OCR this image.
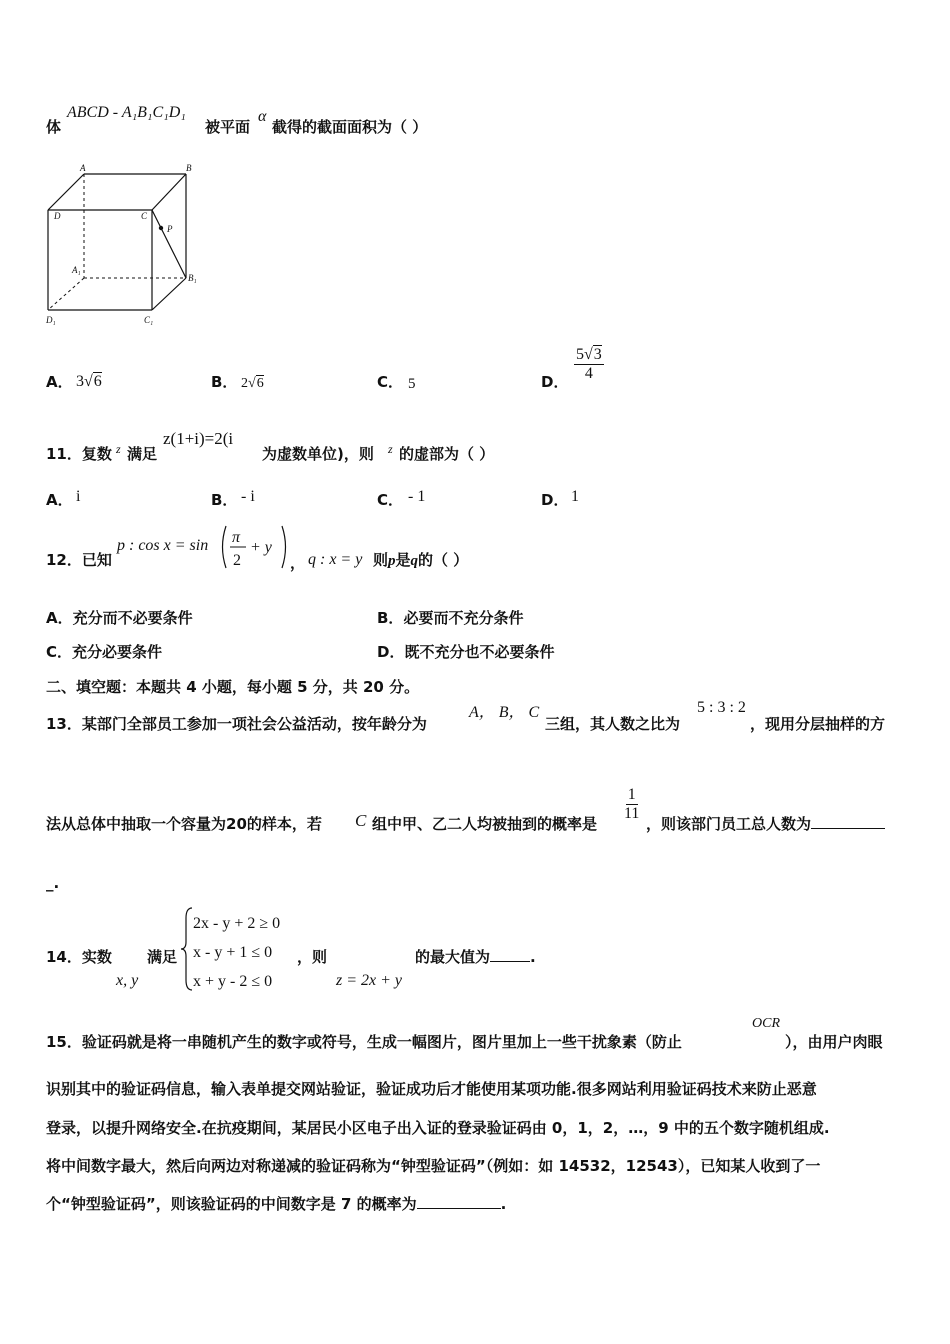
体
ABCD - A₁B₁C₁D₁
被平面
α
截得的截面面积为（ ）
A	B
C
D
P
A₁
B₁
C₁
D₁
A． 3√6	B． 2√6	C． 5	D． $\frac{5√3}{4}$
11．复数 z 满足
z(1+i)=2(i
为虚数单位)，则 z 的虚部为（ ）
A． i	B． - i	C． - 1	D． 1
12．已知
p : cos x = sin π
2
+ y
， q : x = y 则p是q的（ ）
A．充分而不必要条件	B．必要而不充分条件
C．充分必要条件	D．既不充分也不必要条件
二、填空题：本题共 4 小题，每小题 5 分，共 20 分。
13．某部门全部员工参加一项社会公益活动，按年龄分为
A， B， C
三组，其人数之比为
5 : 3 : 2
，现用分层抽样的方
法从总体中抽取一个容量为20的样本，若 C 组中甲、乙二人均被抽到的概率是
$\frac{1}{11}$
，则该部门员工总人数为
_.
14．实数
x, y
满足
2x - y + 2 ≥ 0
x - y + 1 ≤ 0
x + y - 2 ≤ 0
，则
z = 2x + y
的最大值为	.
15．验证码就是将一串随机产生的数字或符号，生成一幅图片，图片里加上一些干扰象素（防止
OCR
），由用户肉眼
识别其中的验证码信息，输入表单提交网站验证，验证成功后才能使用某项功能.很多网站利用验证码技术来防止恶意
登录，以提升网络安全.在抗疫期间，某居民小区电子出入证的登录验证码由 0，1，2，…，9 中的五个数字随机组成.
将中间数字最大，然后向两边对称递减的验证码称为“钟型验证码”（例如：如 14532，12543），已知某人收到了一
个“钟型验证码”，则该验证码的中间数字是 7 的概率为	.
